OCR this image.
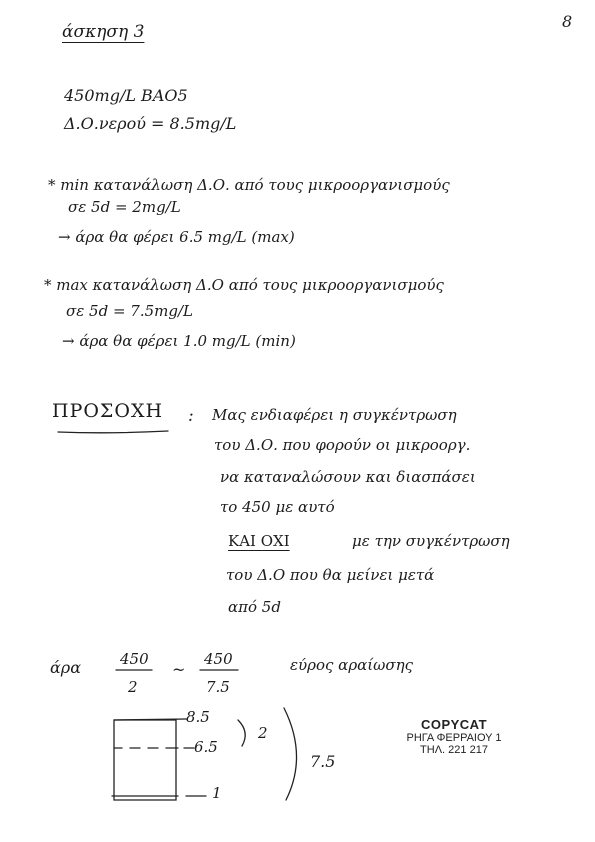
8
άσκηση 3
450mg/L BAO5
Δ.Ο.νερού = 8.5mg/L
* min κατανάλωση Δ.Ο. από τους μικροοργανισμούς
σε 5d = 2mg/L
→ άρα θα φέρει 6.5 mg/L (max)
* max κατανάλωση Δ.Ο από τους μικροοργανισμούς
σε 5d = 7.5mg/L
→ άρα θα φέρει 1.0 mg/L (min)
ΠΡΟΣΟΧΗ : Μας ενδιαφέρει η συγκέντρωση
του Δ.Ο. που φορούν οι μικροοργ.
να καταναλώσουν και διασπάσει
το 450 με αυτό
ΚΑΙ ΟΧΙ	με την συγκέντρωση
του Δ.Ο που θα μείνει μετά
από 5d
άρα	450
2
~
450
7.5
εύρος αραίωσης
8.5
6.5
1
2
7.5
COPYCAT
ΡΗΓΑ ΦΕΡΡΑΙΟΥ 1
ΤΗΛ. 221 217
